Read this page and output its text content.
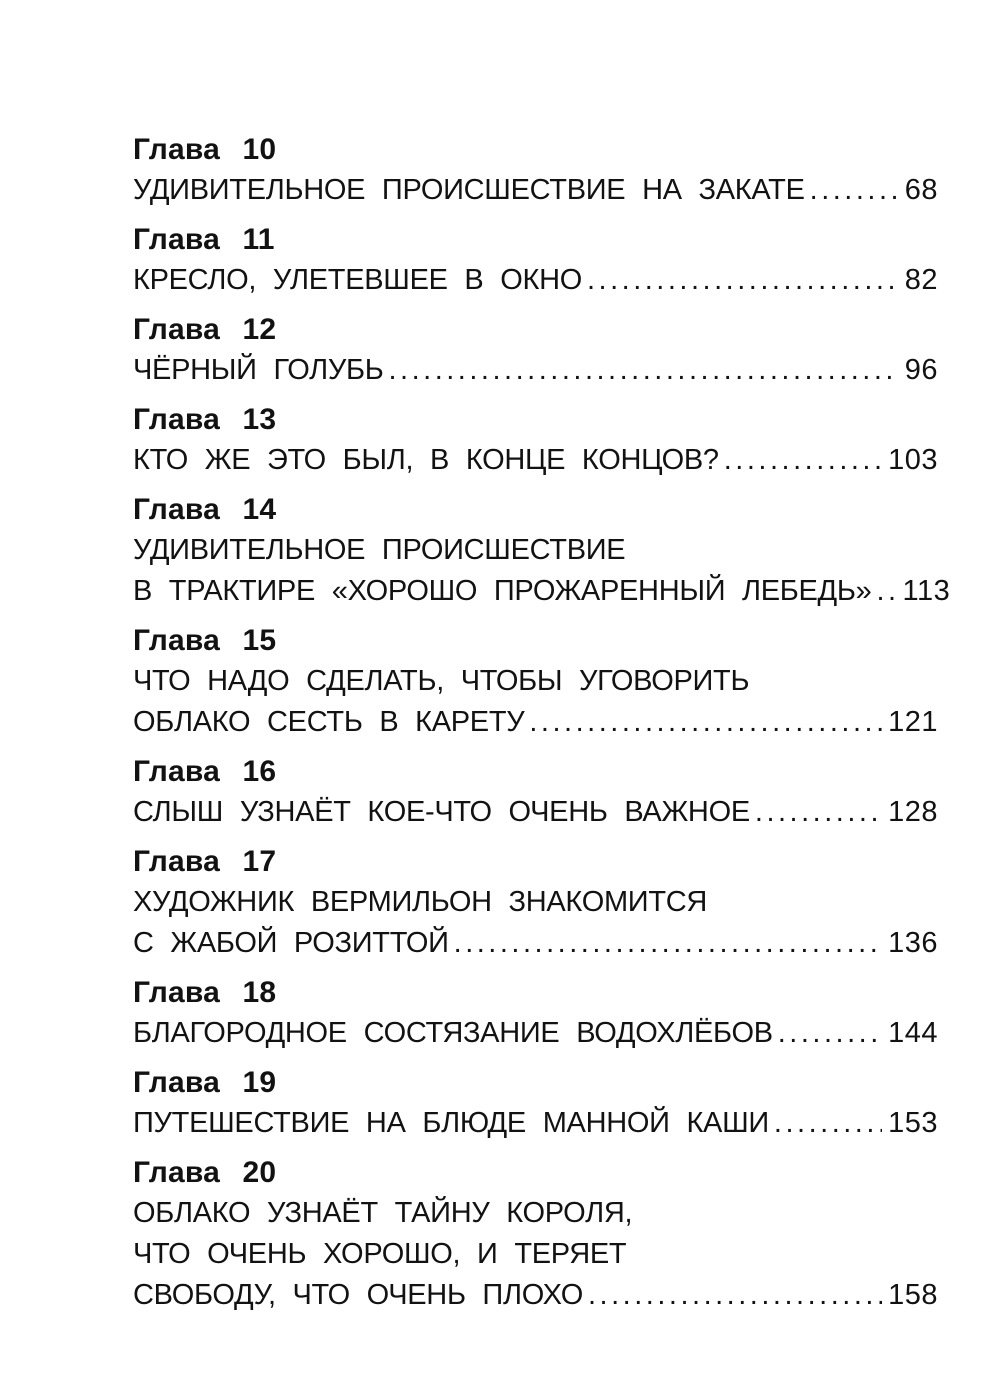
Глава 10
УДИВИТЕЛЬНОЕ ПРОИСШЕСТВИЕ НА ЗАКАТЕ .....	68
Глава 11
КРЕСЛО, УЛЕТЕВШЕЕ В ОКНО .....	82
Глава 12
ЧЁРНЫЙ ГОЛУБЬ .....	96
Глава 13
КТО ЖЕ ЭТО БЫЛ, В КОНЦЕ КОНЦОВ? .....	103
Глава 14
УДИВИТЕЛЬНОЕ ПРОИСШЕСТВИЕ
В ТРАКТИРЕ «ХОРОШО ПРОЖАРЕННЫЙ ЛЕБЕДЬ» ..... 113
Глава 15
ЧТО НАДО СДЕЛАТЬ, ЧТОБЫ УГОВОРИТЬ
ОБЛАКО СЕСТЬ В КАРЕТУ .....	121
Глава 16
СЛЫШ УЗНАЁТ КОЕ-ЧТО ОЧЕНЬ ВАЖНОЕ .....	128
Глава 17
ХУДОЖНИК ВЕРМИЛЬОН ЗНАКОМИТСЯ
С ЖАБОЙ РОЗИТТОЙ .....	136
Глава 18
БЛАГОРОДНОЕ СОСТЯЗАНИЕ ВОДОХЛЁБОВ .....	144
Глава 19
ПУТЕШЕСТВИЕ НА БЛЮДЕ МАННОЙ КАШИ .....	153
Глава 20
ОБЛАКО УЗНАЁТ ТАЙНУ КОРОЛЯ,
ЧТО ОЧЕНЬ ХОРОШО, И ТЕРЯЕТ
СВОБОДУ, ЧТО ОЧЕНЬ ПЛОХО .....	158
